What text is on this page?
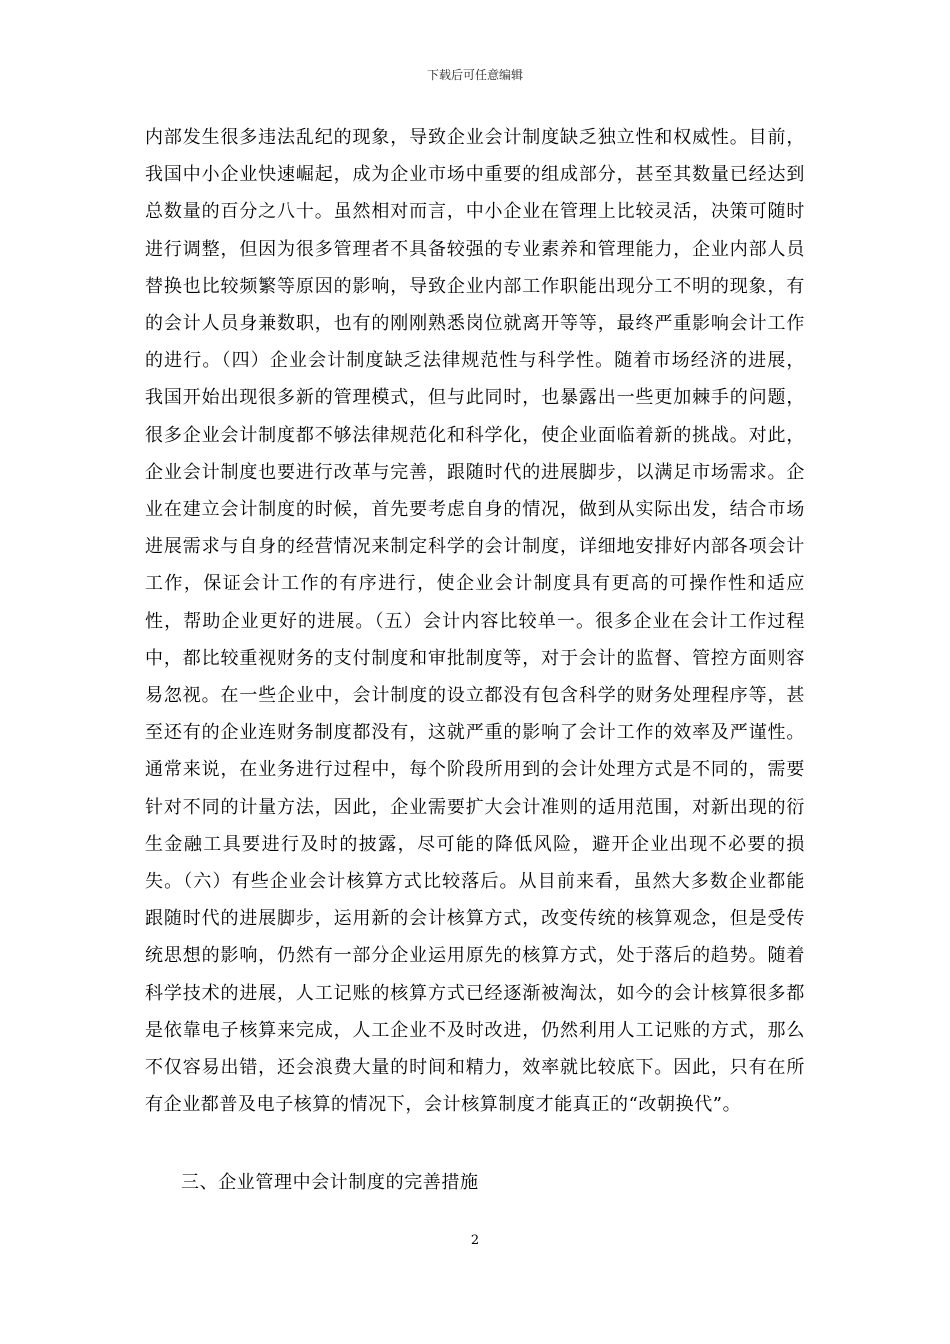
下载后可任意编辑

内部发生很多违法乱纪的现象，导致企业会计制度缺乏独立性和权威性。目前，我国中小企业快速崛起，成为企业市场中重要的组成部分，甚至其数量已经达到总数量的百分之八十。虽然相对而言，中小企业在管理上比较灵活，决策可随时进行调整，但因为很多管理者不具备较强的专业素养和管理能力，企业内部人员替换也比较频繁等原因的影响，导致企业内部工作职能出现分工不明的现象，有的会计人员身兼数职，也有的刚刚熟悉岗位就离开等等，最终严重影响会计工作的进行。（四）企业会计制度缺乏法律规范性与科学性。随着市场经济的进展，我国开始出现很多新的管理模式，但与此同时，也暴露出一些更加棘手的问题，很多企业会计制度都不够法律规范化和科学化，使企业面临着新的挑战。对此，企业会计制度也要进行改革与完善，跟随时代的进展脚步，以满足市场需求。企业在建立会计制度的时候，首先要考虑自身的情况，做到从实际出发，结合市场进展需求与自身的经营情况来制定科学的会计制度，详细地安排好内部各项会计工作，保证会计工作的有序进行，使企业会计制度具有更高的可操作性和适应性，帮助企业更好的进展。（五）会计内容比较单一。很多企业在会计工作过程中，都比较重视财务的支付制度和审批制度等，对于会计的监督、管控方面则容易忽视。在一些企业中，会计制度的设立都没有包含科学的财务处理程序等，甚至还有的企业连财务制度都没有，这就严重的影响了会计工作的效率及严谨性。通常来说，在业务进行过程中，每个阶段所用到的会计处理方式是不同的，需要针对不同的计量方法，因此，企业需要扩大会计准则的适用范围，对新出现的衍生金融工具要进行及时的披露，尽可能的降低风险，避开企业出现不必要的损失。（六）有些企业会计核算方式比较落后。从目前来看，虽然大多数企业都能跟随时代的进展脚步，运用新的会计核算方式，改变传统的核算观念，但是受传统思想的影响，仍然有一部分企业运用原先的核算方式，处于落后的趋势。随着科学技术的进展，人工记账的核算方式已经逐渐被淘汰，如今的会计核算很多都是依靠电子核算来完成，人工企业不及时改进，仍然利用人工记账的方式，那么不仅容易出错，还会浪费大量的时间和精力，效率就比较底下。因此，只有在所有企业都普及电子核算的情况下，会计核算制度才能真正的“改朝换代”。

三、企业管理中会计制度的完善措施

2
